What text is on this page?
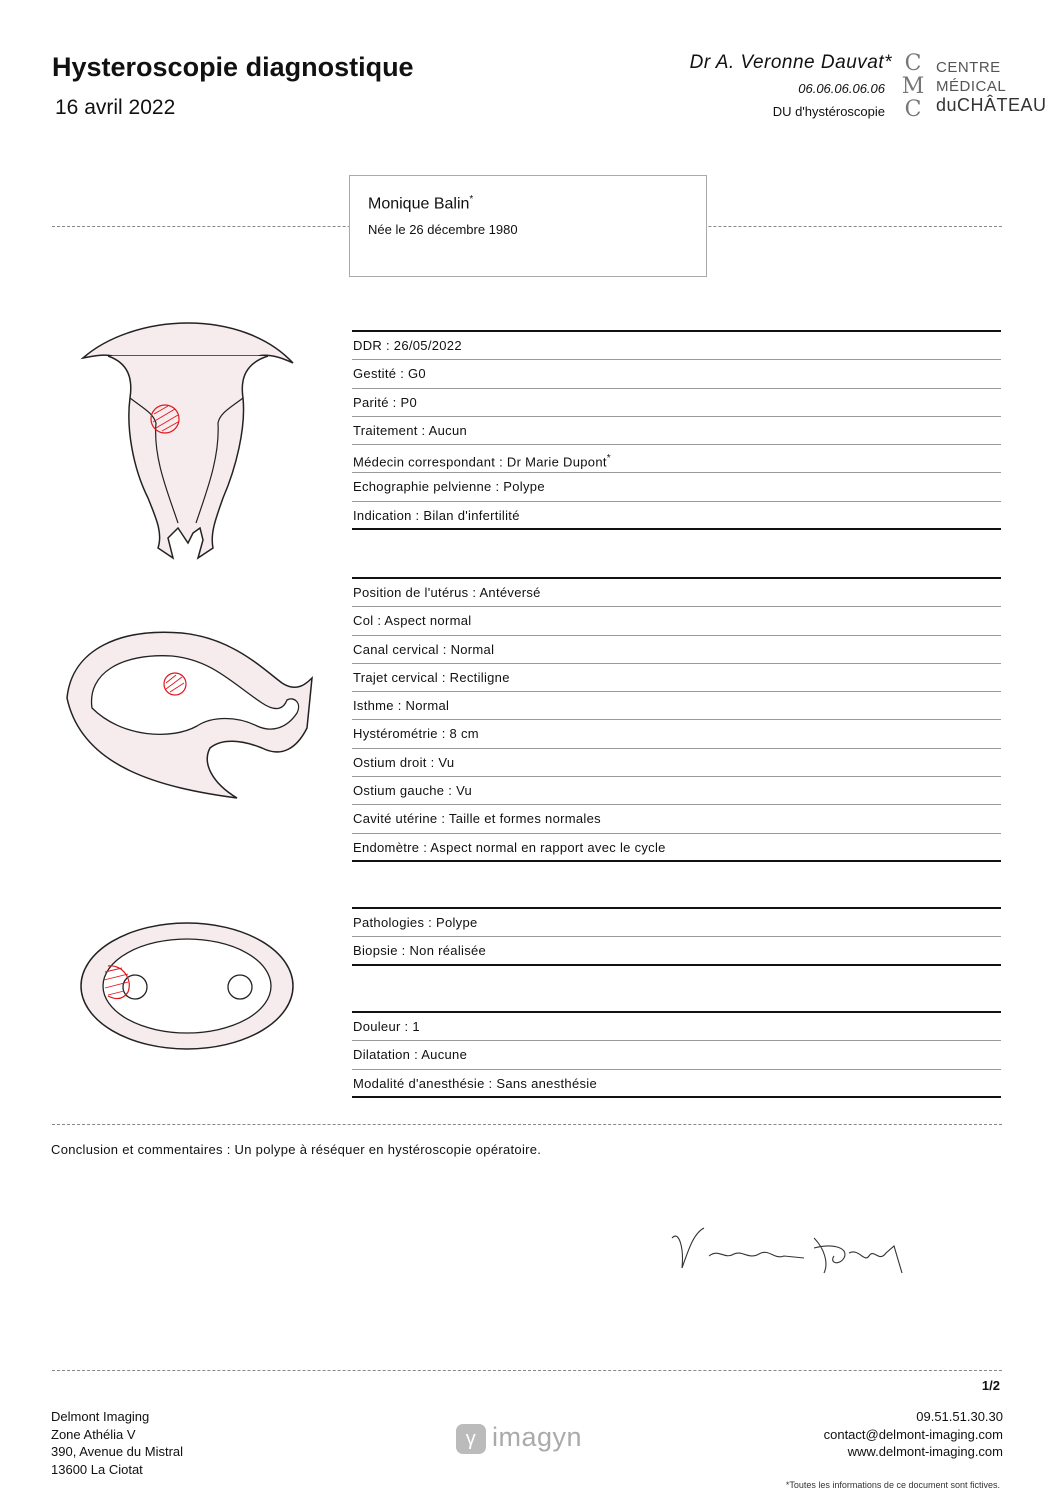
Hysteroscopie diagnostique
16 avril 2022
Dr A. Veronne Dauvat*
06.06.06.06.06
DU d'hystéroscopie
C
M
C
CENTRE
MÉDICAL
duCHÂTEAU
Monique Balin*
Née le 26 décembre 1980
DDR : 26/05/2022
Gestité : G0
Parité : P0
Traitement : Aucun
Médecin correspondant : Dr Marie Dupont*
Echographie pelvienne : Polype
Indication : Bilan d'infertilité
Position de l'utérus : Antéversé
Col : Aspect normal
Canal cervical : Normal
Trajet cervical : Rectiligne
Isthme : Normal
Hystérométrie : 8 cm
Ostium droit : Vu
Ostium gauche : Vu
Cavité utérine : Taille et formes normales
Endomètre : Aspect normal en rapport avec le cycle
Pathologies : Polype
Biopsie : Non réalisée
Douleur : 1
Dilatation : Aucune
Modalité d'anesthésie : Sans anesthésie
Conclusion et commentaires : Un polype à réséquer en hystéroscopie opératoire.
1/2
Delmont Imaging
Zone Athélia V
390, Avenue du Mistral
13600 La Ciotat
γ imagyn
09.51.51.30.30
contact@delmont-imaging.com
www.delmont-imaging.com
*Toutes les informations de ce document sont fictives.
